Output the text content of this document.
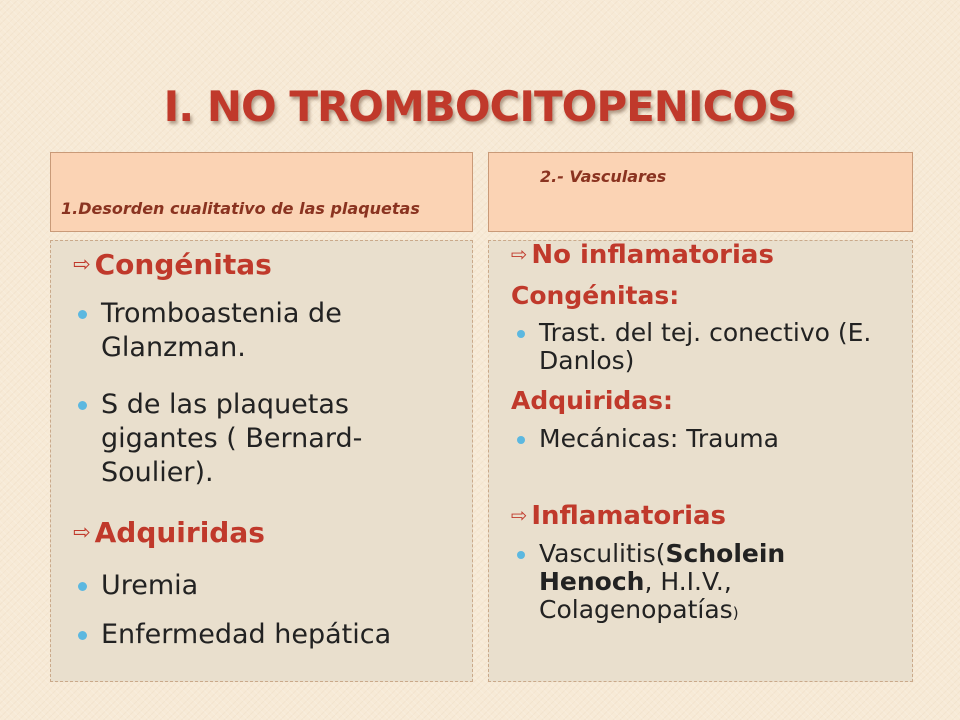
I. NO TROMBOCITOPENICOS
1.Desorden cualitativo de las plaquetas
2.- Vasculares
⇨ Congénitas
Tromboastenia de Glanzman.
S de las plaquetas gigantes ( Bernard-Soulier).
⇨ Adquiridas
Uremia
Enfermedad hepática
⇨ No inflamatorias
Congénitas:
Trast. del tej. conectivo (E. Danlos)
Adquiridas:
Mecánicas: Trauma
⇨ Inflamatorias
Vasculitis(Scholein Henoch, H.I.V., Colagenopatías)
